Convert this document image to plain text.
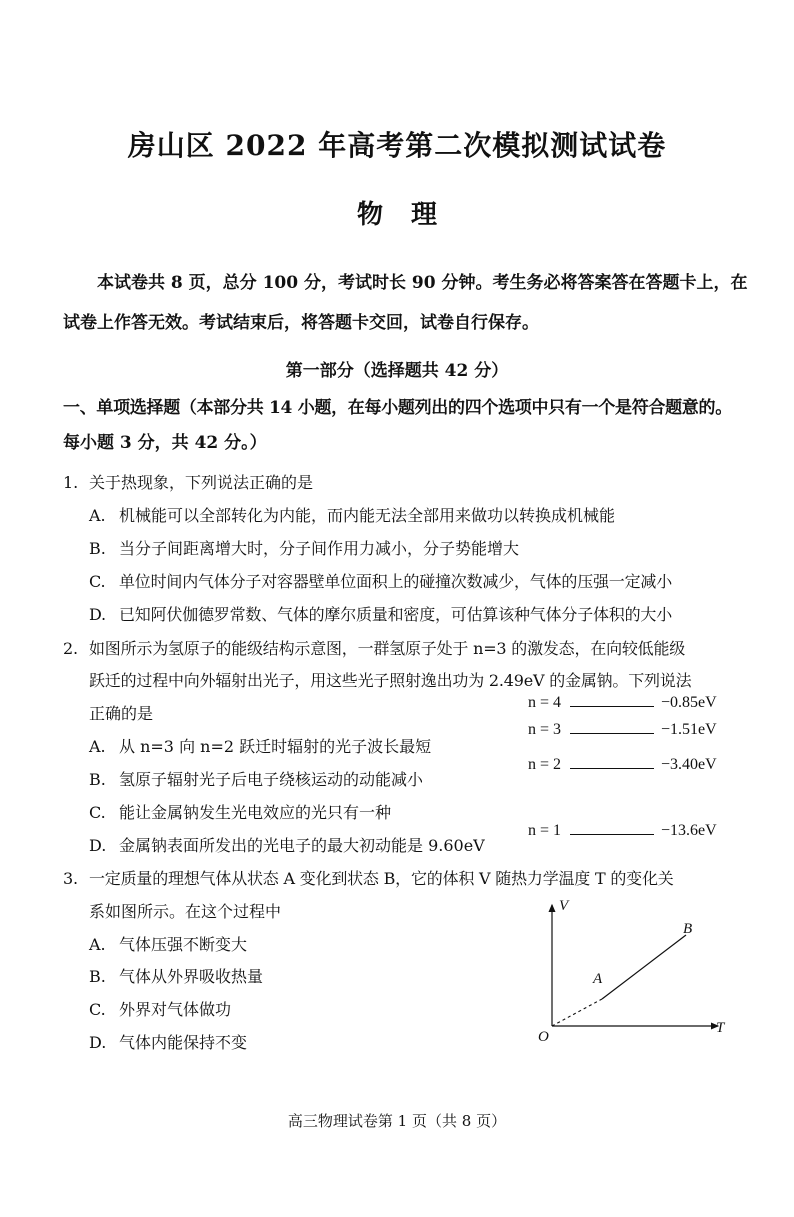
房山区 2022 年高考第二次模拟测试试卷
物 理
本试卷共 8 页，总分 100 分，考试时长 90 分钟。考生务必将答案答在答题卡上，在
试卷上作答无效。考试结束后，将答题卡交回，试卷自行保存。
第一部分（选择题共 42 分）
一、单项选择题（本部分共 14 小题，在每小题列出的四个选项中只有一个是符合题意的。
每小题 3 分，共 42 分。）
1. 关于热现象，下列说法正确的是
A. 机械能可以全部转化为内能，而内能无法全部用来做功以转换成机械能
B. 当分子间距离增大时，分子间作用力减小，分子势能增大
C. 单位时间内气体分子对容器壁单位面积上的碰撞次数减少，气体的压强一定减小
D. 已知阿伏伽德罗常数、气体的摩尔质量和密度，可估算该种气体分子体积的大小
2. 如图所示为氢原子的能级结构示意图，一群氢原子处于 n=3 的激发态，在向较低能级
跃迁的过程中向外辐射出光子，用这些光子照射逸出功为 2.49eV 的金属钠。下列说法
正确的是
A. 从 n=3 向 n=2 跃迁时辐射的光子波长最短
B. 氢原子辐射光子后电子绕核运动的动能减小
C. 能让金属钠发生光电效应的光只有一种
D. 金属钠表面所发出的光电子的最大初动能是 9.60eV
n = 4	−0.85eV
n = 3	−1.51eV
n = 2	−3.40eV
n = 1	−13.6eV
3. 一定质量的理想气体从状态 A 变化到状态 B，它的体积 V 随热力学温度 T 的变化关
系如图所示。在这个过程中
A. 气体压强不断变大
B. 气体从外界吸收热量
C. 外界对气体做功
D. 气体内能保持不变
V
T
O
A
B
高三物理试卷第 1 页（共 8 页）
